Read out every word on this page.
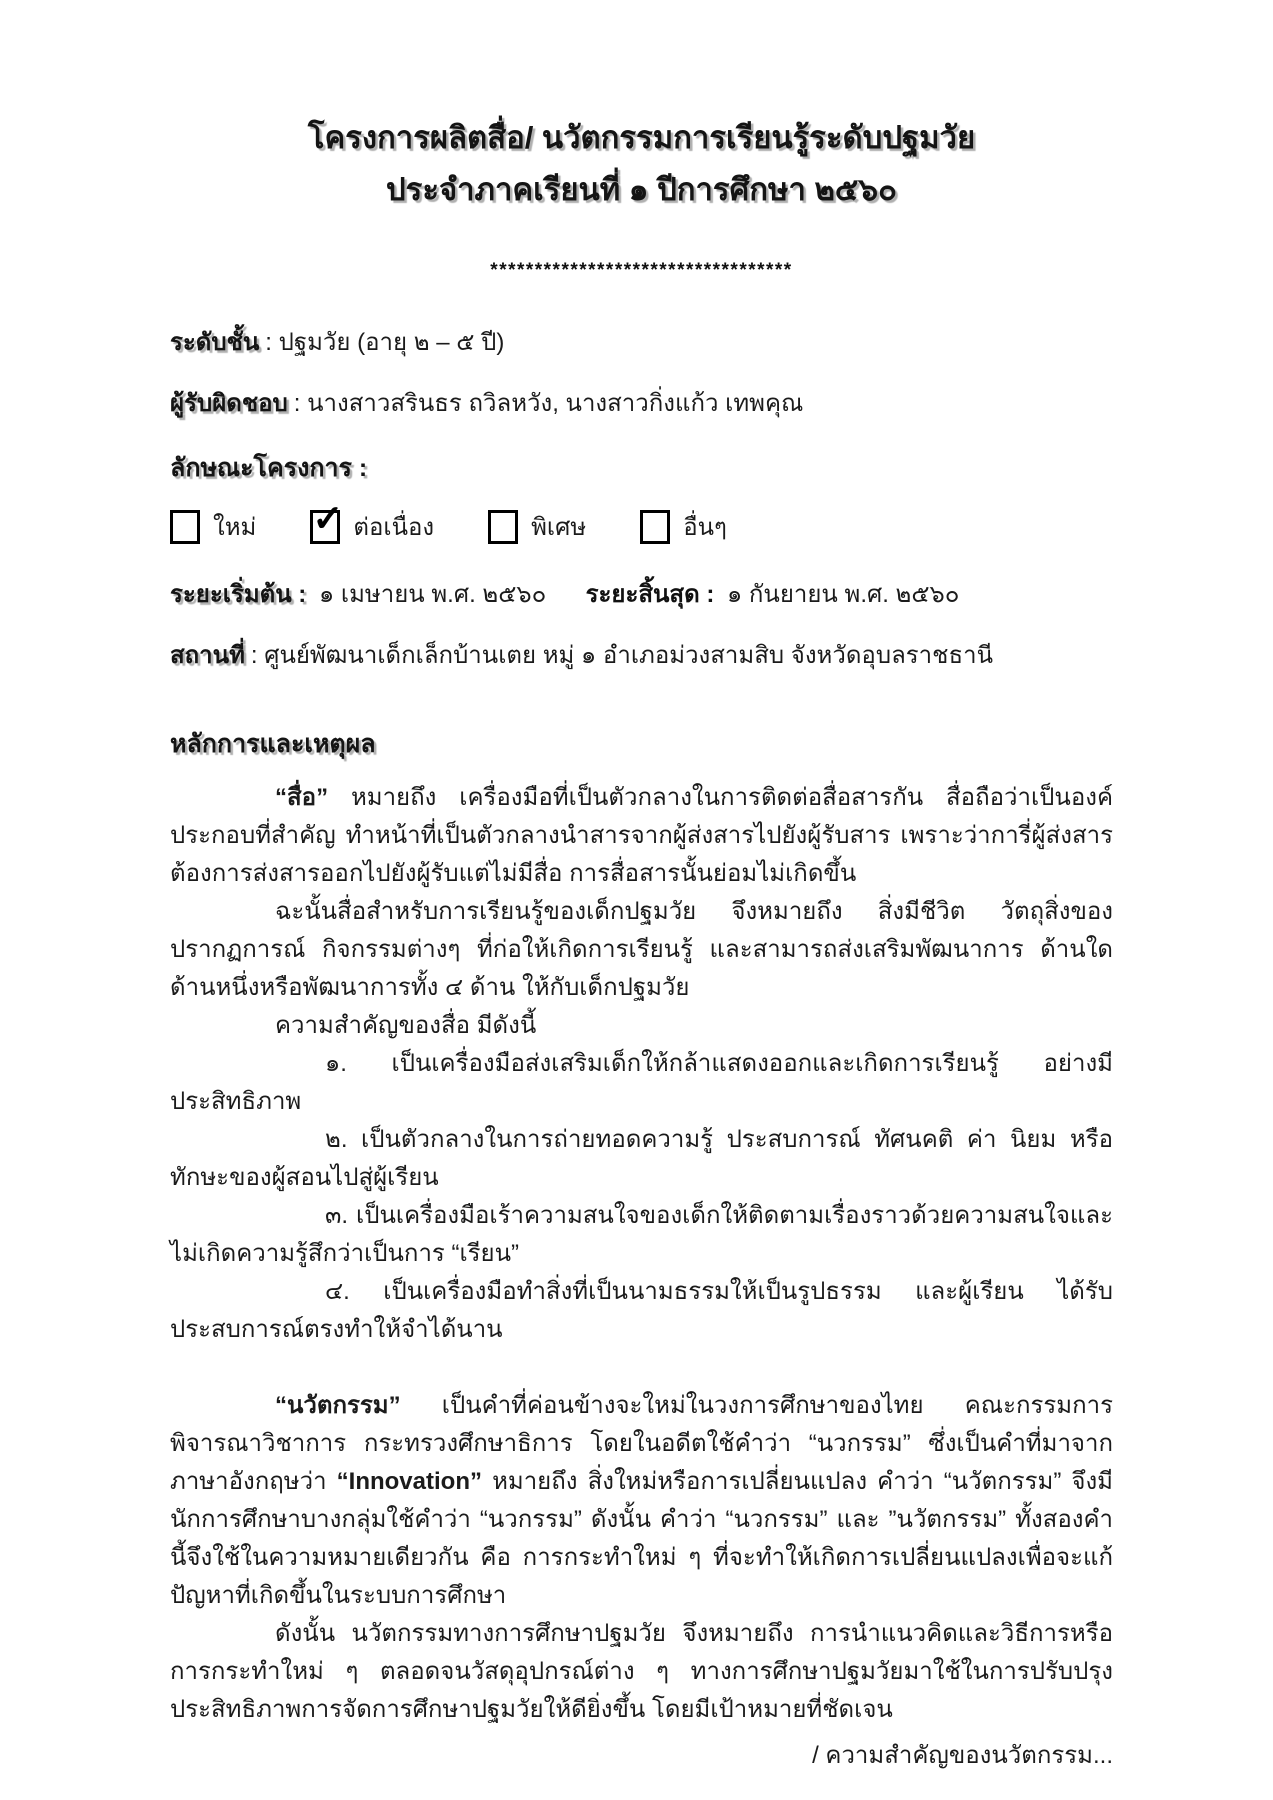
โครงการผลิตสื่อ/ นวัตกรรมการเรียนรู้ระดับปฐมวัย
ประจำภาคเรียนที่ ๑ ปีการศึกษา ๒๕๖๐
**********************************
ระดับชั้น : ปฐมวัย (อายุ ๒ – ๕ ปี)
ผู้รับผิดชอบ : นางสาวสรินธร ถวิลหวัง, นางสาวกิ่งแก้ว เทพคุณ
ลักษณะโครงการ :
ใหม่ ✓ ต่อเนื่อง	พิเศษ	อื่นๆ
ระยะเริ่มต้น : ๑ เมษายน พ.ศ. ๒๕๖๐ ระยะสิ้นสุด : ๑ กันยายน พ.ศ. ๒๕๖๐
สถานที่ : ศูนย์พัฒนาเด็กเล็กบ้านเตย หมู่ ๑ อำเภอม่วงสามสิบ จังหวัดอุบลราชธานี
หลักการและเหตุผล

“สื่อ” หมายถึง เครื่องมือที่เป็นตัวกลางในการติดต่อสื่อสารกัน สื่อถือว่าเป็นองค์ประกอบที่สำคัญ ทำหน้าที่เป็นตัวกลางนำสารจากผู้ส่งสารไปยังผู้รับสาร เพราะว่าการี่ผู้ส่งสารต้องการส่งสารออกไปยังผู้รับแต่ไม่มีสื่อ การสื่อสารนั้นย่อมไม่เกิดขึ้น

ฉะนั้นสื่อสำหรับการเรียนรู้ของเด็กปฐมวัย จึงหมายถึง สิ่งมีชีวิต วัตถุสิ่งของ ปรากฏการณ์ กิจกรรมต่างๆ ที่ก่อให้เกิดการเรียนรู้ และสามารถส่งเสริมพัฒนาการ ด้านใดด้านหนึ่งหรือพัฒนาการทั้ง ๔ ด้าน ให้กับเด็กปฐมวัย

ความสำคัญของสื่อ มีดังนี้

๑. เป็นเครื่องมือส่งเสริมเด็กให้กล้าแสดงออกและเกิดการเรียนรู้ อย่างมีประสิทธิภาพ

๒. เป็นตัวกลางในการถ่ายทอดความรู้ ประสบการณ์ ทัศนคติ ค่า นิยม หรือทักษะของผู้สอนไปสู่ผู้เรียน

๓. เป็นเครื่องมือเร้าความสนใจของเด็กให้ติดตามเรื่องราวด้วยความสนใจและไม่เกิดความรู้สึกว่าเป็นการ “เรียน”

๔. เป็นเครื่องมือทำสิ่งที่เป็นนามธรรมให้เป็นรูปธรรม และผู้เรียน ได้รับประสบการณ์ตรงทำให้จำได้นาน

“นวัตกรรม” เป็นคำที่ค่อนข้างจะใหม่ในวงการศึกษาของไทย คณะกรรมการพิจารณาวิชาการ กระทรวงศึกษาธิการ โดยในอดีตใช้คำว่า “นวกรรม” ซึ่งเป็นคำที่มาจากภาษาอังกฤษว่า “Innovation” หมายถึง สิ่งใหม่หรือการเปลี่ยนแปลง คำว่า “นวัตกรรม” จึงมีนักการศึกษาบางกลุ่มใช้คำว่า “นวกรรม” ดังนั้น คำว่า “นวกรรม” และ ”นวัตกรรม” ทั้งสองคำนี้จึงใช้ในความหมายเดียวกัน คือ การกระทำใหม่ ๆ ที่จะทำให้เกิดการเปลี่ยนแปลงเพื่อจะแก้ปัญหาที่เกิดขึ้นในระบบการศึกษา

ดังนั้น นวัตกรรมทางการศึกษาปฐมวัย จึงหมายถึง การนำแนวคิดและวิธีการหรือการกระทำใหม่ ๆ ตลอดจนวัสดุอุปกรณ์ต่าง ๆ ทางการศึกษาปฐมวัยมาใช้ในการปรับปรุงประสิทธิภาพการจัดการศึกษาปฐมวัยให้ดียิ่งขึ้น โดยมีเป้าหมายที่ชัดเจน

/ ความสำคัญของนวัตกรรม...
